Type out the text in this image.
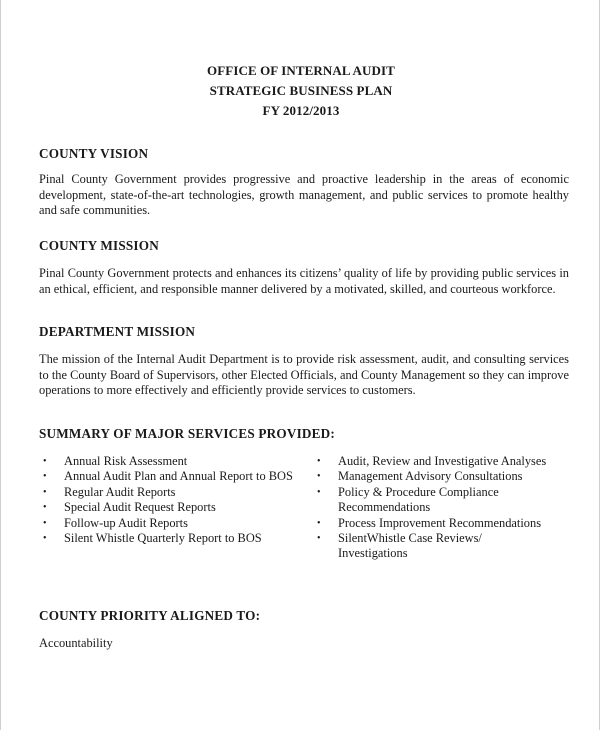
OFFICE OF INTERNAL AUDIT
STRATEGIC BUSINESS PLAN
FY 2012/2013
COUNTY VISION

Pinal County Government provides progressive and proactive leadership in the areas of economic development, state-of-the-art technologies, growth management, and public services to promote healthy and safe communities.

COUNTY MISSION

Pinal County Government protects and enhances its citizens’ quality of life by providing public services in an ethical, efficient, and responsible manner delivered by a motivated, skilled, and courteous workforce.

DEPARTMENT MISSION

The mission of the Internal Audit Department is to provide risk assessment, audit, and consulting services to the County Board of Supervisors, other Elected Officials, and County Management so they can improve operations to more effectively and efficiently provide services to customers.

SUMMARY OF MAJOR SERVICES PROVIDED:
• Annual Risk Assessment
• Annual Audit Plan and Annual Report to BOS
• Regular Audit Reports
• Special Audit Request Reports
• Follow-up Audit Reports
• Silent Whistle Quarterly Report to BOS
• Audit, Review and Investigative Analyses
• Management Advisory Consultations
• Policy & Procedure Compliance Recommendations
• Process Improvement Recommendations
• SilentWhistle Case Reviews/ Investigations
COUNTY PRIORITY ALIGNED TO:

Accountability
